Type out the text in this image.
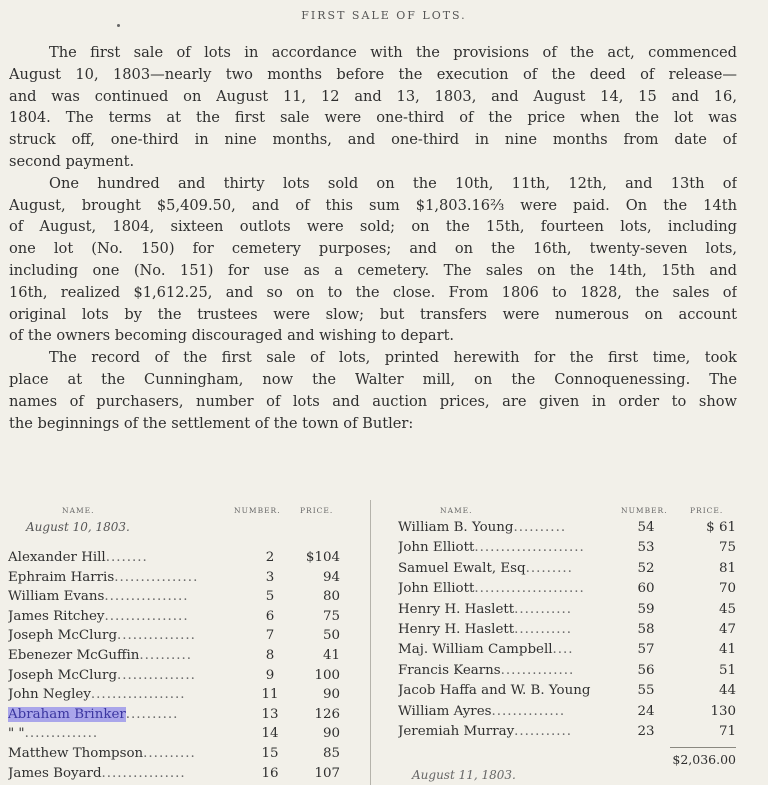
FIRST SALE OF LOTS.
The first sale of lots in accordance with the provisions of the act, commenced
August 10, 1803—nearly two months before the execution of the deed of release—
and was continued on August 11, 12 and 13, 1803, and August 14, 15 and 16,
1804. The terms at the first sale were one-third of the price when the lot was
struck off, one-third in nine months, and one-third in nine months from date of
second payment.
One hundred and thirty lots sold on the 10th, 11th, 12th, and 13th of
August, brought $5,409.50, and of this sum $1,803.16⅔ were paid. On the 14th
of August, 1804, sixteen outlots were sold; on the 15th, fourteen lots, including
one lot (No. 150) for cemetery purposes; and on the 16th, twenty-seven lots,
including one (No. 151) for use as a cemetery. The sales on the 14th, 15th and
16th, realized $1,612.25, and so on to the close. From 1806 to 1828, the sales of
original lots by the trustees were slow; but transfers were numerous on account
of the owners becoming discouraged and wishing to depart.
The record of the first sale of lots, printed herewith for the first time, took
place at the Cunningham, now the Walter mill, on the Connoquenessing. The
names of purchasers, number of lots and auction prices, are given in order to show
the beginnings of the settlement of the town of Butler:
NAME.	NUMBER.	PRICE.
August 10, 1803.
NAME.	NUMBER.	PRICE.
Alexander Hill........	2	$104
Ephraim Harris................	3	94
William Evans................	5	80
James Ritchey................	6	75
Joseph McClurg...............	7	50
Ebenezer McGuffin..........	8	41
Joseph McClurg...............	9	100
John Negley..................	11	90
Abraham Brinker..........	13	126
" "..............	14	90
Matthew Thompson..........	15	85
James Boyard................	16	107
William B. Young..........	54	$ 61
John Elliott.....................	53	75
Samuel Ewalt, Esq.........	52	81
John Elliott.....................	60	70
Henry H. Haslett...........	59	45
Henry H. Haslett...........	58	47
Maj. William Campbell....	57	41
Francis Kearns..............	56	51
Jacob Haffa and W. B. Young	55	44
William Ayres..............	24	130
Jeremiah Murray...........	23	71
$2,036.00
August 11, 1803.
